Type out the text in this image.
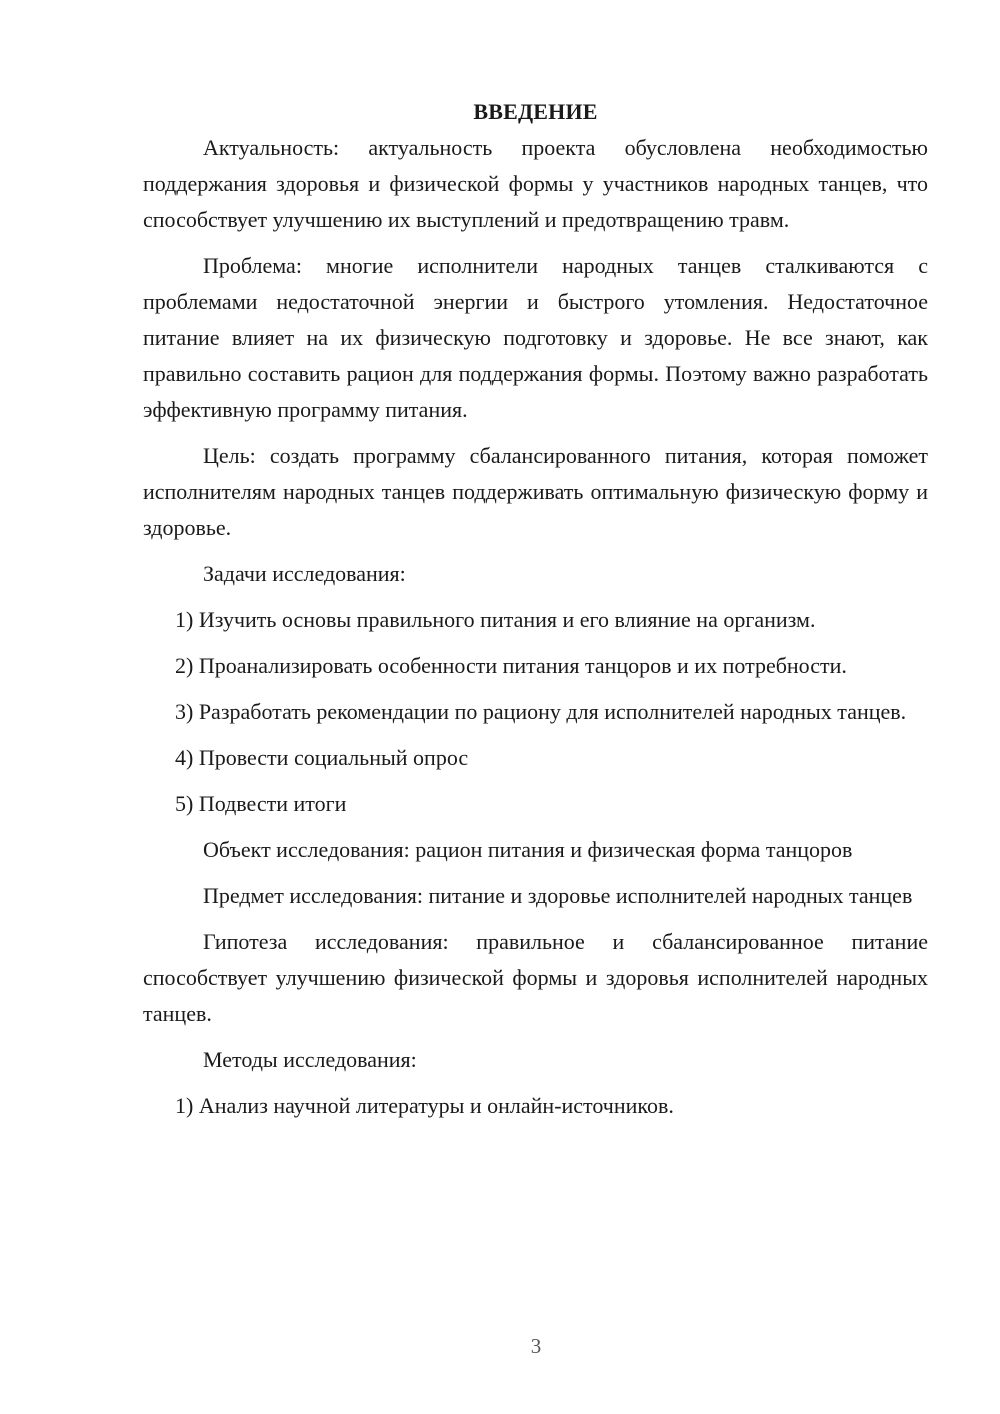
ВВЕДЕНИЕ

Актуальность: актуальность проекта обусловлена необходимостью поддержания здоровья и физической формы у участников народных танцев, что способствует улучшению их выступлений и предотвращению травм.

Проблема: многие исполнители народных танцев сталкиваются с проблемами недостаточной энергии и быстрого утомления. Недостаточное питание влияет на их физическую подготовку и здоровье. Не все знают, как правильно составить рацион для поддержания формы. Поэтому важно разработать эффективную программу питания.

Цель: создать программу сбалансированного питания, которая поможет исполнителям народных танцев поддерживать оптимальную физическую форму и здоровье.

Задачи исследования:

1) Изучить основы правильного питания и его влияние на организм.

2) Проанализировать особенности питания танцоров и их потребности.

3) Разработать рекомендации по рациону для исполнителей народных танцев.

4) Провести социальный опрос

5) Подвести итоги

Объект исследования: рацион питания и физическая форма танцоров

Предмет исследования: питание и здоровье исполнителей народных танцев

Гипотеза исследования: правильное и сбалансированное питание способствует улучшению физической формы и здоровья исполнителей народных танцев.

Методы исследования:

1) Анализ научной литературы и онлайн-источников.

3
